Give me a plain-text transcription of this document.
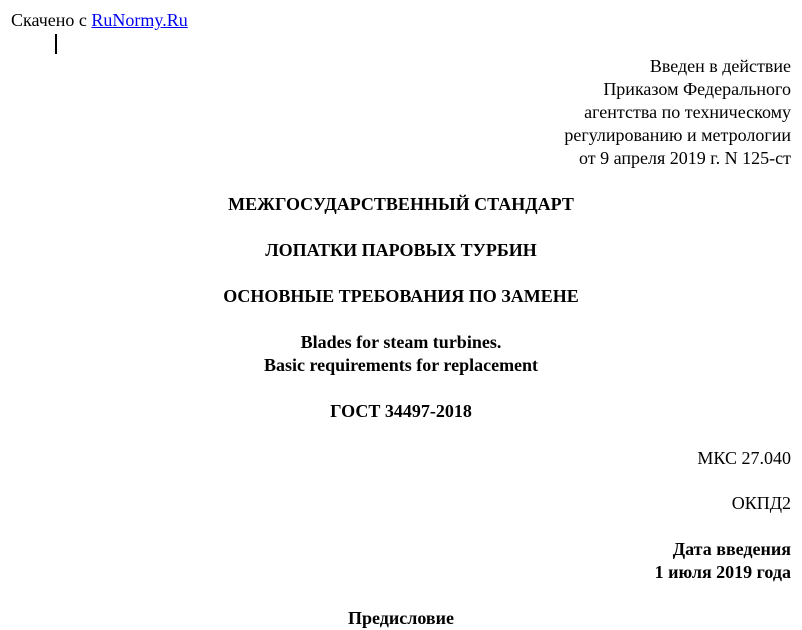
Скачено с RuNormy.Ru
Введен в действие
Приказом Федерального
агентства по техническому
регулированию и метрологии
от 9 апреля 2019 г. N 125-ст
МЕЖГОСУДАРСТВЕННЫЙ СТАНДАРТ
ЛОПАТКИ ПАРОВЫХ ТУРБИН
ОСНОВНЫЕ ТРЕБОВАНИЯ ПО ЗАМЕНЕ
Blades for steam turbines.
Basic requirements for replacement
ГОСТ 34497-2018
МКС 27.040
ОКПД2
Дата введения
1 июля 2019 года
Предисловие
